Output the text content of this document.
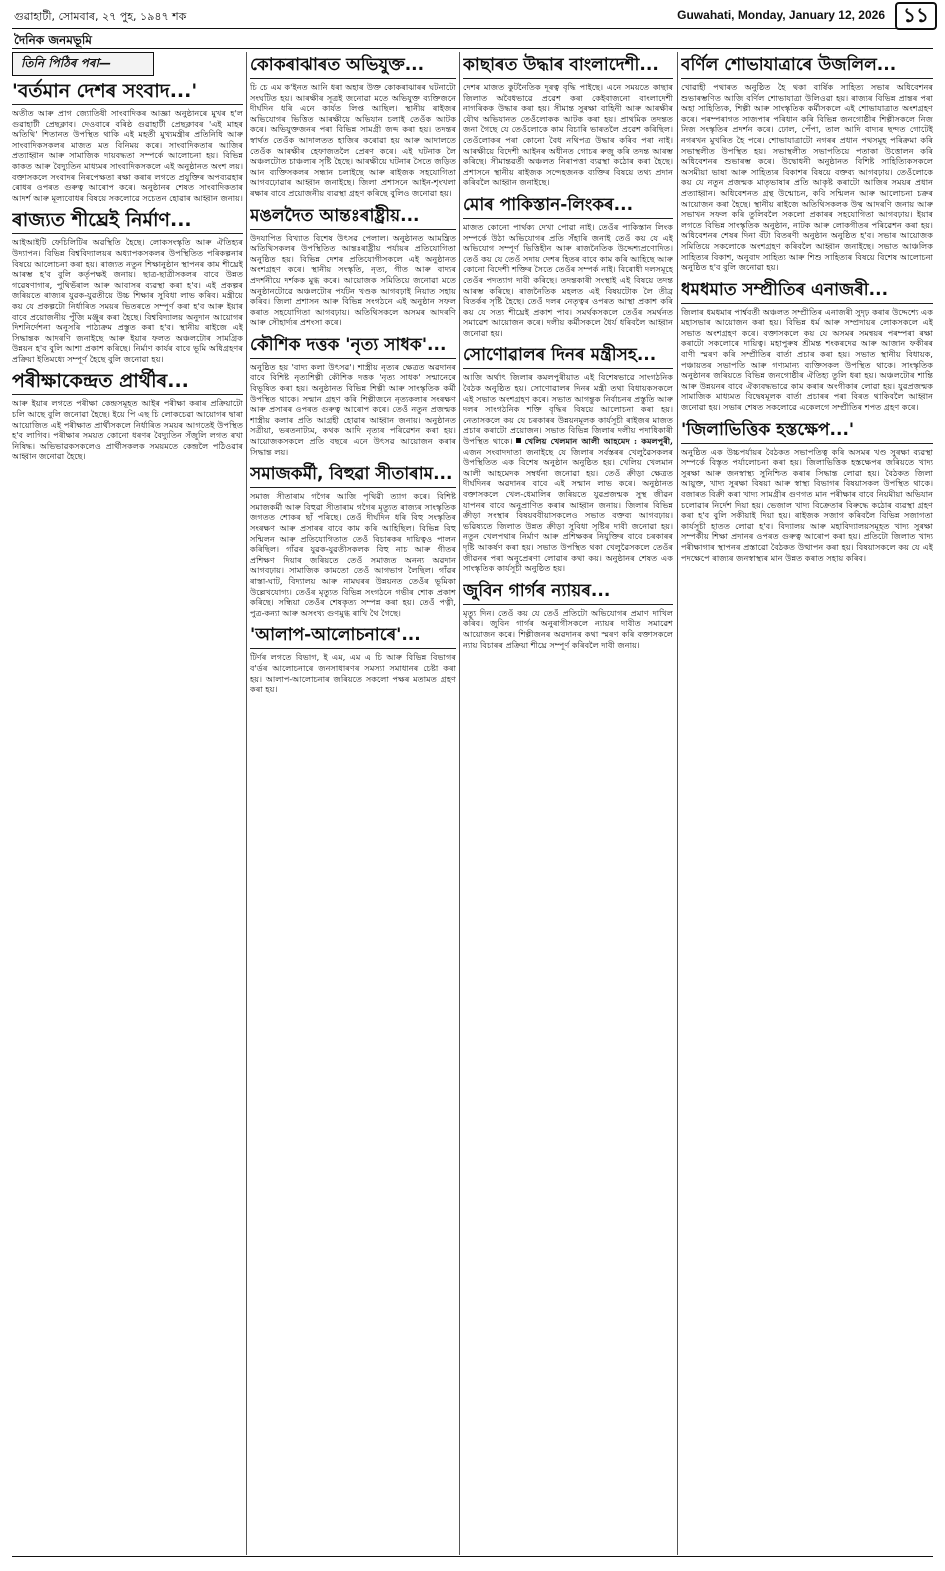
গুৱাহাটী, সোমবাৰ, ২৭ পুহ, ১৯৪৭ শক	Guwahati, Monday, January 12, 2026 ১১
দৈনিক জনমভূমি
'বৰ্তমান দেশৰ সংবাদ...'

অতীত আৰু প্ৰাগ জ্যোতিষী সাংবাদিকৰ আজ্ঞা অনুষ্ঠানৰে মুখৰ হ'ল গুৱাহাটী প্ৰেছক্লাব। দেওবাৰে বৰিষ্ঠ গুৱাহাটী প্ৰেছক্লাবৰ 'এই মাহৰ অতিথি' শিতানত উপস্থিত থাকি এই মহৰ্তী মুখ্যমন্ত্ৰীৰ প্ৰতিনিধি আৰু সাংবাদিকসকলৰ মাজত মত বিনিময় কৰে। সাংবাদিকতাৰ আজিৰ প্ৰত্যাহ্বান আৰু সামাজিক দায়বদ্ধতা সম্পৰ্কে আলোচনা হয়। বিভিন্ন কাকত আৰু বৈদ্যুতিন মাধ্যমৰ সাংবাদিকসকলে এই অনুষ্ঠানত অংশ লয়। বক্তাসকলে সংবাদৰ নিৰপেক্ষতা ৰক্ষা কৰাৰ লগতে প্ৰযুক্তিৰ অপব্যৱহাৰ ৰোধৰ ওপৰত গুৰুত্ব আৰোপ কৰে। অনুষ্ঠানৰ শেষত সাংবাদিকতাৰ আদৰ্শ আৰু মূল্যবোধৰ বিষয়ে সকলোৱে সচেতন হোৱাৰ আহ্বান জনায়।

ৰাজ্যত শীঘ্ৰেই নিৰ্মাণ...

আইআইটি ফেচিলিটিৰ অৱস্থিতি হৈছে। লোকসংস্কৃতি আৰু ঐতিহ্যৰ উদ্যাপন। বিভিন্ন বিশ্ববিদ্যালয়ৰ অধ্যাপকসকলৰ উপস্থিতিত পৰিকল্পনাৰ বিষয়ে আলোচনা কৰা হয়। ৰাজ্যত নতুন শিক্ষানুষ্ঠান স্থাপনৰ কাম শীঘ্ৰেই আৰম্ভ হ'ব বুলি কৰ্তৃপক্ষই জনায়। ছাত্ৰ-ছাত্ৰীসকলৰ বাবে উন্নত গৱেষণাগাৰ, পুথিভঁৰাল আৰু আবাসৰ ব্যৱস্থা কৰা হ'ব। এই প্ৰকল্পৰ জৰিয়তে ৰাজ্যৰ যুৱক-যুৱতীয়ে উচ্চ শিক্ষাৰ সুবিধা লাভ কৰিব। মন্ত্ৰীয়ে কয় যে প্ৰকল্পটো নিৰ্ধাৰিত সময়ৰ ভিতৰতে সম্পূৰ্ণ কৰা হ'ব আৰু ইয়াৰ বাবে প্ৰয়োজনীয় পুঁজি মঞ্জুৰ কৰা হৈছে। বিশ্ববিদ্যালয় অনুদান আয়োগৰ দিশনিৰ্দেশনা অনুসৰি পাঠ্যক্ৰম প্ৰস্তুত কৰা হ'ব। স্থানীয় ৰাইজে এই সিদ্ধান্তক আদৰণি জনাইছে আৰু ইয়াৰ ফলত অঞ্চলটোৰ সামগ্ৰিক উন্নয়ন হ'ব বুলি আশা প্ৰকাশ কৰিছে। নিৰ্মাণ কাৰ্যৰ বাবে ভূমি অধিগ্ৰহণৰ প্ৰক্ৰিয়া ইতিমধ্যে সম্পূৰ্ণ হৈছে বুলি জনোৱা হয়।

পৰীক্ষাকেন্দ্ৰত প্ৰাৰ্থীৰ...

আৰু ইয়াৰ লগতে পৰীক্ষা কেন্দ্ৰসমূহত আইৰ পৰীক্ষা কৰাৰ প্ৰক্ৰিয়াটো চলি আছে বুলি জনোৱা হৈছে। ইয়ে পি এছ চি লোকচেৱা আয়োগৰ দ্বাৰা আয়োজিত এই পৰীক্ষাত প্ৰাৰ্থীসকলে নিৰ্ধাৰিত সময়ৰ আগতেই উপস্থিত হ'ব লাগিব। পৰীক্ষাৰ সময়ত কোনো ধৰণৰ বৈদ্যুতিন সঁজুলি লগত ৰখা নিষিদ্ধ। অভিভাৱকসকলেও প্ৰাৰ্থীসকলক সময়মতে কেন্দ্ৰলৈ পঠিওৱাৰ আহ্বান জনোৱা হৈছে।

তিনি পিঠিৰ পৰা—	কোকৰাঝাৰত অভিযুক্ত...

চি চে এম ক'ইনত আনি ধৰা অহাৰ উক্ত কোকৰাঝাৰৰ ঘটনাটো সংঘটিত হয়। আৰক্ষীৰ সূত্ৰই জনোৱা মতে অভিযুক্ত ব্যক্তিজনে দীৰ্ঘদিন ধৰি এনে কাৰ্যত লিপ্ত আছিল। স্থানীয় ৰাইজৰ অভিযোগৰ ভিত্তিত আৰক্ষীয়ে অভিযান চলাই তেওঁক আটক কৰে। অভিযুক্তজনৰ পৰা বিভিন্ন সামগ্ৰী জব্দ কৰা হয়। তদন্তৰ স্বাৰ্থত তেওঁক আদালতত হাজিৰ কৰোৱা হয় আৰু আদালতে তেওঁক আৰক্ষীৰ হেফাজতলৈ প্ৰেৰণ কৰে। এই ঘটনাক লৈ অঞ্চলটোত চাঞ্চল্যৰ সৃষ্টি হৈছে। আৰক্ষীয়ে ঘটনাৰ সৈতে জড়িত আন ব্যক্তিসকলৰ সন্ধান চলাইছে আৰু ৰাইজক সহযোগিতা আগবঢ়োৱাৰ আহ্বান জনাইছে। জিলা প্ৰশাসনে আইন-শৃংখলা ৰক্ষাৰ বাবে প্ৰয়োজনীয় ব্যৱস্থা গ্ৰহণ কৰিছে বুলিও জনোৱা হয়।

মঙলদৈত আন্তঃৰাষ্ট্ৰীয়...

উদযাপিত বিখ্যাত বিশেষ উৎসৱ পেলাল। অনুষ্ঠানত আমন্ত্ৰিত অতিথিসকলৰ উপস্থিতিত আন্তঃৰাষ্ট্ৰীয় পৰ্যায়ৰ প্ৰতিযোগিতা অনুষ্ঠিত হয়। বিভিন্ন দেশৰ প্ৰতিযোগীসকলে এই অনুষ্ঠানত অংশগ্ৰহণ কৰে। স্থানীয় সংস্কৃতি, নৃত্য, গীত আৰু বাদ্যৰ প্ৰদৰ্শনীয়ে দৰ্শকক মুগ্ধ কৰে। আয়োজক সমিতিয়ে জনোৱা মতে অনুষ্ঠানটোৱে অঞ্চলটোৰ পৰ্যটন খণ্ডক আগবঢ়াই নিয়াত সহায় কৰিব। জিলা প্ৰশাসন আৰু বিভিন্ন সংগঠনে এই অনুষ্ঠান সফল কৰাত সহযোগিতা আগবঢ়ায়। অতিথিসকলে অসমৰ আদৰণি আৰু সৌহাৰ্দ্যৰ প্ৰশংসা কৰে।

কৌশিক দত্তক 'নৃত্য সাধক'...

অনুষ্ঠিত হয় 'বাদ্য কলা উৎসৱ'। শাস্ত্ৰীয় নৃত্যৰ ক্ষেত্ৰত অৱদানৰ বাবে বিশিষ্ট নৃত্যশিল্পী কৌশিক দত্তক 'নৃত্য সাধক' সন্মানেৰে বিভূষিত কৰা হয়। অনুষ্ঠানত বিভিন্ন শিল্পী আৰু সাংস্কৃতিক কৰ্মী উপস্থিত থাকে। সন্মান গ্ৰহণ কৰি শিল্পীজনে নৃত্যকলাৰ সংৰক্ষণ আৰু প্ৰসাৰৰ ওপৰত গুৰুত্ব আৰোপ কৰে। তেওঁ নতুন প্ৰজন্মক শাস্ত্ৰীয় কলাৰ প্ৰতি আগ্ৰহী হোৱাৰ আহ্বান জনায়। অনুষ্ঠানত সত্ৰীয়া, ভৰতনাট্যম, কথক আদি নৃত্যৰ পৰিৱেশন কৰা হয়। আয়োজকসকলে প্ৰতি বছৰে এনে উৎসৱ আয়োজন কৰাৰ সিদ্ধান্ত লয়।

সমাজকৰ্মী, বিহুৱা সীতাৰাম...

সমাজ সীতাৰাম গগৈৰ আজি পৃথিৱী ত্যাগ কৰে। বিশিষ্ট সমাজকৰ্মী আৰু বিহুৱা সীতাৰাম গগৈৰ মৃত্যুত ৰাজ্যৰ সাংস্কৃতিক জগতত শোকৰ ছাঁ পৰিছে। তেওঁ দীৰ্ঘদিন ধৰি বিহু সংস্কৃতিৰ সংৰক্ষণ আৰু প্ৰসাৰৰ বাবে কাম কৰি আহিছিল। বিভিন্ন বিহু সন্মিলন আৰু প্ৰতিযোগিতাত তেওঁ বিচাৰকৰ দায়িত্বও পালন কৰিছিল। গাঁৱৰ যুৱক-যুৱতীসকলক বিহু নাচ আৰু গীতৰ প্ৰশিক্ষণ দিয়াৰ জৰিয়তে তেওঁ সমাজত অনন্য অৱদান আগবঢ়ায়। সামাজিক কামতো তেওঁ আগভাগ লৈছিল। গাঁৱৰ ৰাস্তা-ঘাট, বিদ্যালয় আৰু নামঘৰৰ উন্নয়নত তেওঁৰ ভূমিকা উল্লেখযোগ্য। তেওঁৰ মৃত্যুত বিভিন্ন সংগঠনে গভীৰ শোক প্ৰকাশ কৰিছে। সন্ধিয়া তেওঁৰ শেষকৃত্য সম্পন্ন কৰা হয়। তেওঁ পত্নী, পুত্ৰ-কন্যা আৰু অসংখ্য গুণমুগ্ধ ৰাখি থৈ গৈছে।

'আলাপ-আলোচনাৰে'...

টিৰ্ণৰ লগতে বিভাগ, ই এম, এম এ চি আৰু বিভিন্ন বিভাগৰ ব'ৰ্ডৰ আলোচনাৰে জনসাধাৰণৰ সমস্যা সমাধানৰ চেষ্টা কৰা হয়। আলাপ-আলোচনাৰ জৰিয়তে সকলো পক্ষৰ মতামত গ্ৰহণ কৰা হয়।

কাছাৰত উদ্ধাৰ বাংলাদেশী...

দেশৰ মাজত কুটনৈতিক দূৰত্ব বৃদ্ধি পাইছে। এনে সময়তে কাছাৰ জিলাত অবৈধভাৱে প্ৰৱেশ কৰা কেইবাজনো বাংলাদেশী নাগৰিকক উদ্ধাৰ কৰা হয়। সীমান্ত সুৰক্ষা বাহিনী আৰু আৰক্ষীৰ যৌথ অভিযানত তেওঁলোকক আটক কৰা হয়। প্ৰাথমিক তদন্তত জনা গৈছে যে তেওঁলোকে কাম বিচাৰি ভাৰতলৈ প্ৰৱেশ কৰিছিল। তেওঁলোকৰ পৰা কোনো বৈধ নথিপত্ৰ উদ্ধাৰ কৰিব পৰা নাই। আৰক্ষীয়ে বিদেশী আইনৰ অধীনত গোচৰ ৰুজু কৰি তদন্ত আৰম্ভ কৰিছে। সীমান্তৱৰ্তী অঞ্চলত নিৰাপত্তা ব্যৱস্থা কঠোৰ কৰা হৈছে। প্ৰশাসনে স্থানীয় ৰাইজক সন্দেহজনক ব্যক্তিৰ বিষয়ে তথ্য প্ৰদান কৰিবলৈ আহ্বান জনাইছে।

মোৰ পাকিস্তান-লিংকৰ...

মাজত কোনো পাৰ্থক্য দেখা পোৱা নাই। তেওঁৰ পাকিস্তান লিংক সম্পৰ্কে উঠা অভিযোগৰ প্ৰতি সঁহাৰি জনাই তেওঁ কয় যে এই অভিযোগ সম্পূৰ্ণ ভিত্তিহীন আৰু ৰাজনৈতিক উদ্দেশ্যপ্ৰণোদিত। তেওঁ কয় যে তেওঁ সদায় দেশৰ হিতৰ বাবে কাম কৰি আহিছে আৰু কোনো বিদেশী শক্তিৰ সৈতে তেওঁৰ সম্পৰ্ক নাই। বিৰোধী দলসমূহে তেওঁৰ পদত্যাগ দাবী কৰিছে। তদন্তকাৰী সংস্থাই এই বিষয়ে তদন্ত আৰম্ভ কৰিছে। ৰাজনৈতিক মহলত এই বিষয়টোক লৈ তীব্ৰ বিতৰ্কৰ সৃষ্টি হৈছে। তেওঁ দলৰ নেতৃত্বৰ ওপৰত আস্থা প্ৰকাশ কৰি কয় যে সত্য শীঘ্ৰেই প্ৰকাশ পাব। সমৰ্থকসকলে তেওঁৰ সমৰ্থনত সমাৱেশ আয়োজন কৰে। দলীয় কৰ্মীসকলে ধৈৰ্য ধৰিবলৈ আহ্বান জনোৱা হয়।

সোণোৱালৰ দিনৰ মন্ত্ৰীসহ...

আজি অৰ্থাৎ জিলাৰ কমলপুৰীয়াত এই বিশেষভাৱে সাংগঠনিক বৈঠক অনুষ্ঠিত হয়। সোণোৱালৰ দিনৰ মন্ত্ৰী তথা বিধায়কসকলে এই সভাত অংশগ্ৰহণ কৰে। সভাত আগন্তুক নিৰ্বাচনৰ প্ৰস্তুতি আৰু দলৰ সাংগঠনিক শক্তি বৃদ্ধিৰ বিষয়ে আলোচনা কৰা হয়। নেতাসকলে কয় যে চৰকাৰৰ উন্নয়নমূলক কাৰ্যসূচী ৰাইজৰ মাজত প্ৰচাৰ কৰাটো প্ৰয়োজন। সভাত বিভিন্ন জিলাৰ দলীয় পদাধিকাৰী উপস্থিত থাকে। খেলিয় খেলমান আলী আহমেদ : কমলপুৰী, এজন সংবাদদাতা জনাইছে যে জিলাৰ সৰ্বস্তৰৰ খেলুৱৈসকলৰ উপস্থিতিত এক বিশেষ অনুষ্ঠান অনুষ্ঠিত হয়। খেলিয় খেলমান আলী আহমেদক সম্বৰ্ধনা জনোৱা হয়। তেওঁ ক্ৰীড়া ক্ষেত্ৰত দীৰ্ঘদিনৰ অৱদানৰ বাবে এই সন্মান লাভ কৰে। অনুষ্ঠানত বক্তাসকলে খেল-ধেমালিৰ জৰিয়তে যুৱপ্ৰজন্মক সুস্থ জীৱন যাপনৰ বাবে অনুপ্ৰাণিত কৰাৰ আহ্বান জনায়। জিলাৰ বিভিন্ন ক্ৰীড়া সংস্থাৰ বিষয়ববীয়াসকলেও সভাত বক্তব্য আগবঢ়ায়। ভৱিষ্যতে জিলাত উন্নত ক্ৰীড়া সুবিধা সৃষ্টিৰ দাবী জনোৱা হয়। নতুন খেলপথাৰ নিৰ্মাণ আৰু প্ৰশিক্ষকৰ নিযুক্তিৰ বাবে চৰকাৰৰ দৃষ্টি আকৰ্ষণ কৰা হয়। সভাত উপস্থিত থকা খেলুৱৈসকলে তেওঁৰ জীৱনৰ পৰা অনুপ্ৰেৰণা লোৱাৰ কথা কয়। অনুষ্ঠানৰ শেষত এক সাংস্কৃতিক কাৰ্যসূচী অনুষ্ঠিত হয়।

জুবিন গাৰ্গৰ ন্যায়ৰ...

মৃত্যু দিন। তেওঁ কয় যে তেওঁ প্ৰতিটো অভিযোগৰ প্ৰমাণ দাখিল কৰিব। জুবিন গাৰ্গৰ অনুৰাগীসকলে ন্যায়ৰ দাবীত সমাৱেশ আয়োজন কৰে। শিল্পীজনৰ অৱদানৰ কথা স্মৰণ কৰি বক্তাসকলে ন্যায় বিচাৰৰ প্ৰক্ৰিয়া শীঘ্ৰে সম্পূৰ্ণ কৰিবলৈ দাবী জনায়।

বৰ্ণিল শোভাযাত্ৰাৰে উজলিল...

খোৱাহী পথাৰত অনুষ্ঠিত হৈ থকা বাৰ্ষিক সাহিত্য সভাৰ অধিবেশনৰ শুভাৰম্ভণিত আজি বৰ্ণিল শোভাযাত্ৰা উলিওৱা হয়। ৰাজ্যৰ বিভিন্ন প্ৰান্তৰ পৰা অহা সাহিত্যিক, শিল্পী আৰু সাংস্কৃতিক কৰ্মীসকলে এই শোভাযাত্ৰাত অংশগ্ৰহণ কৰে। পৰম্পৰাগত সাজপাৰ পৰিধান কৰি বিভিন্ন জনগোষ্ঠীৰ শিল্পীসকলে নিজ নিজ সংস্কৃতিৰ প্ৰদৰ্শন কৰে। ঢোল, পেঁপা, তাল আদি বাদ্যৰ ছন্দত গোটেই নগৰখন মুখৰিত হৈ পৰে। শোভাযাত্ৰাটো নগৰৰ প্ৰধান পথসমূহ পৰিক্ৰমা কৰি সভাস্থলীত উপস্থিত হয়। সভাস্থলীত সভাপতিয়ে পতাকা উত্তোলন কৰি অধিবেশনৰ শুভাৰম্ভ কৰে। উদ্বোধনী অনুষ্ঠানত বিশিষ্ট সাহিত্যিকসকলে অসমীয়া ভাষা আৰু সাহিত্যৰ বিকাশৰ বিষয়ে বক্তব্য আগবঢ়ায়। তেওঁলোকে কয় যে নতুন প্ৰজন্মক মাতৃভাষাৰ প্ৰতি আকৃষ্ট কৰাটো আজিৰ সময়ৰ প্ৰধান প্ৰত্যাহ্বান। অধিবেশনত গ্ৰন্থ উন্মোচন, কবি সন্মিলন আৰু আলোচনা চক্ৰৰ আয়োজন কৰা হৈছে। স্থানীয় ৰাইজে অতিথিসকলক উষ্ম আদৰণি জনায় আৰু সভাখন সফল কৰি তুলিবলৈ সকলো প্ৰকাৰৰ সহযোগিতা আগবঢ়ায়। ইয়াৰ লগতে বিভিন্ন সাংস্কৃতিক অনুষ্ঠান, নাটক আৰু লোকগীতৰ পৰিৱেশন কৰা হয়। অধিবেশনৰ শেষৰ দিনা বঁটা বিতৰণী অনুষ্ঠান অনুষ্ঠিত হ'ব। সভাৰ আয়োজক সমিতিয়ে সকলোকে অংশগ্ৰহণ কৰিবলৈ আহ্বান জনাইছে। সভাত আঞ্চলিক সাহিত্যৰ বিকাশ, অনুবাদ সাহিত্য আৰু শিশু সাহিত্যৰ বিষয়ে বিশেষ আলোচনা অনুষ্ঠিত হ'ব বুলি জনোৱা হয়।

ধমধমাত সম্প্ৰীতিৰ এনাজৰী...

জিলাৰ ধমধমাৰ পাৰ্শ্ববৰ্তী অঞ্চলত সম্প্ৰীতিৰ এনাজৰী সুদৃঢ় কৰাৰ উদ্দেশ্যে এক মহাসভাৰ আয়োজন কৰা হয়। বিভিন্ন ধৰ্ম আৰু সম্প্ৰদায়ৰ লোকসকলে এই সভাত অংশগ্ৰহণ কৰে। বক্তাসকলে কয় যে অসমৰ সমন্বয়ৰ পৰম্পৰা ৰক্ষা কৰাটো সকলোৰে দায়িত্ব। মহাপুৰুষ শ্ৰীমন্ত শংকৰদেৱ আৰু আজান ফকীৰৰ বাণী স্মৰণ কৰি সম্প্ৰীতিৰ বাৰ্তা প্ৰচাৰ কৰা হয়। সভাত স্থানীয় বিধায়ক, পঞ্চায়তৰ সভাপতি আৰু গণ্যমান্য ব্যক্তিসকল উপস্থিত থাকে। সাংস্কৃতিক অনুষ্ঠানৰ জৰিয়তে বিভিন্ন জনগোষ্ঠীৰ ঐতিহ্য তুলি ধৰা হয়। অঞ্চলটোৰ শান্তি আৰু উন্নয়নৰ বাবে ঐক্যবদ্ধভাৱে কাম কৰাৰ অংগীকাৰ লোৱা হয়। যুৱপ্ৰজন্মক সামাজিক মাধ্যমত বিদ্বেষমূলক বাৰ্তা প্ৰচাৰৰ পৰা বিৰত থাকিবলৈ আহ্বান জনোৱা হয়। সভাৰ শেষত সকলোৱে একেলগে সম্প্ৰীতিৰ শপত গ্ৰহণ কৰে।

'জিলাভিত্তিক হস্তক্ষেপ...'

অনুষ্ঠিত এক উচ্চপৰ্যায়ৰ বৈঠকত সভাপতিত্ব কৰি অসমৰ খণ্ড সুৰক্ষা ব্যৱস্থা সম্পৰ্কে বিস্তৃত পৰ্যালোচনা কৰা হয়। জিলাভিত্তিক হস্তক্ষেপৰ জৰিয়তে খাদ্য সুৰক্ষা আৰু জনস্বাস্থ্য সুনিশ্চিত কৰাৰ সিদ্ধান্ত লোৱা হয়। বৈঠকত জিলা আয়ুক্ত, খাদ্য সুৰক্ষা বিষয়া আৰু স্বাস্থ্য বিভাগৰ বিষয়াসকল উপস্থিত থাকে। বজাৰত বিক্ৰী কৰা খাদ্য সামগ্ৰীৰ গুণগত মান পৰীক্ষাৰ বাবে নিয়মীয়া অভিযান চলোৱাৰ নিৰ্দেশ দিয়া হয়। ভেজাল খাদ্য বিক্ৰেতাৰ বিৰুদ্ধে কঠোৰ ব্যৱস্থা গ্ৰহণ কৰা হ'ব বুলি সকীয়াই দিয়া হয়। ৰাইজক সজাগ কৰিবলৈ বিভিন্ন সজাগতা কাৰ্যসূচী হাতত লোৱা হ'ব। বিদ্যালয় আৰু মহাবিদ্যালয়সমূহত খাদ্য সুৰক্ষা সম্পৰ্কীয় শিক্ষা প্ৰদানৰ ওপৰত গুৰুত্ব আৰোপ কৰা হয়। প্ৰতিটো জিলাত খাদ্য পৰীক্ষাগাৰ স্থাপনৰ প্ৰস্তাৱো বৈঠকত উত্থাপন কৰা হয়। বিষয়াসকলে কয় যে এই পদক্ষেপে ৰাজ্যৰ জনস্বাস্থ্যৰ মান উন্নত কৰাত সহায় কৰিব।
